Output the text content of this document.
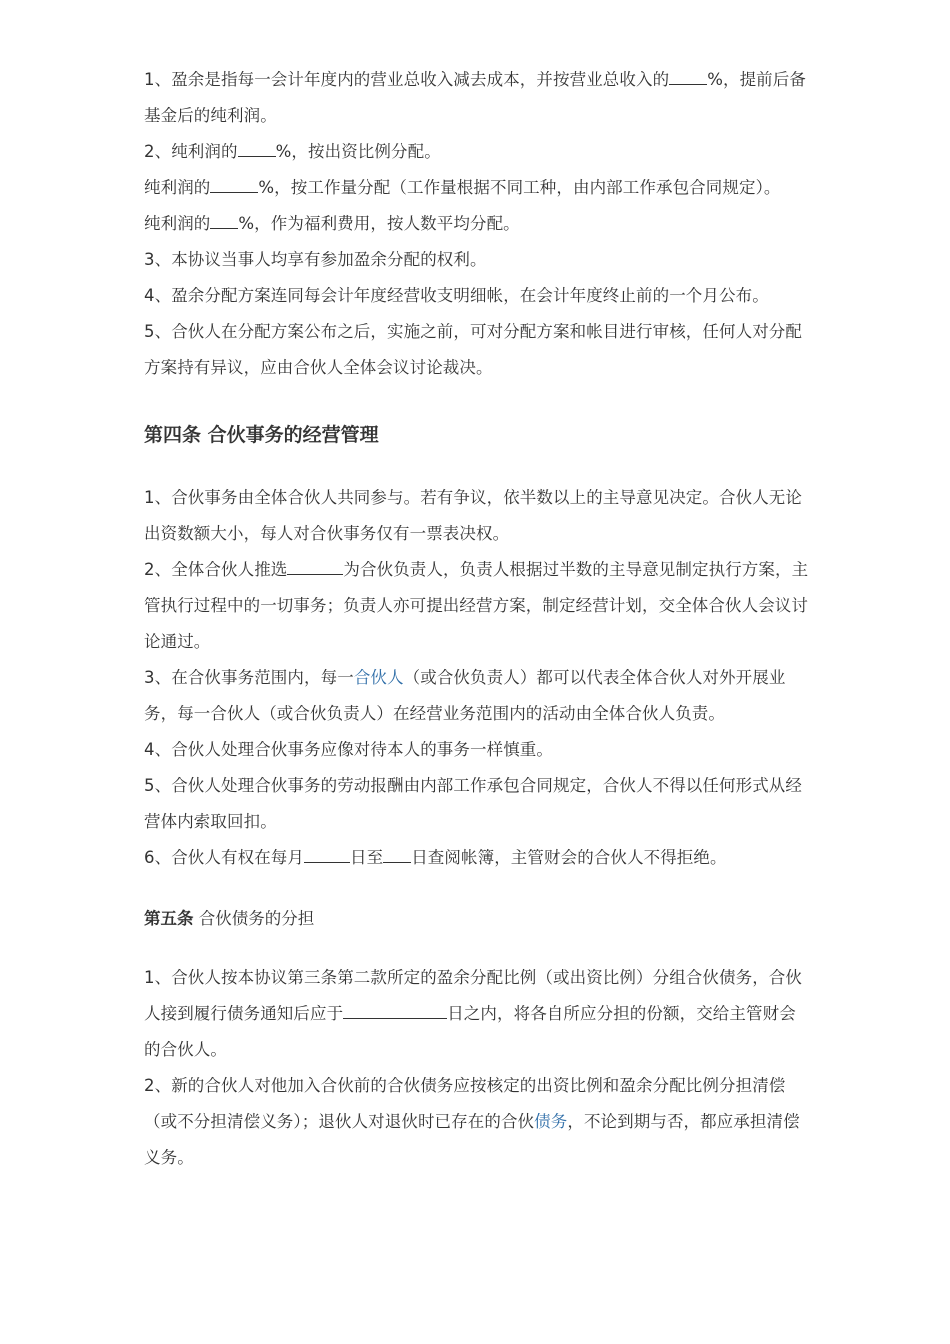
1、盈余是指每一会计年度内的营业总收入减去成本，并按营业总收入的 %，提前后备基金后的纯利润。

2、纯利润的 %，按出资比例分配。

纯利润的	%，按工作量分配（工作量根据不同工种，由内部工作承包合同规定）。

纯利润的 %，作为福利费用，按人数平均分配。

3、本协议当事人均享有参加盈余分配的权利。

4、盈余分配方案连同每会计年度经营收支明细帐，在会计年度终止前的一个月公布。

5、合伙人在分配方案公布之后，实施之前，可对分配方案和帐目进行审核，任何人对分配方案持有异议，应由合伙人全体会议讨论裁决。

第四条 合伙事务的经营管理

1、合伙事务由全体合伙人共同参与。若有争议，依半数以上的主导意见决定。合伙人无论出资数额大小，每人对合伙事务仅有一票表决权。

2、全体合伙人推选	为合伙负责人，负责人根据过半数的主导意见制定执行方案，主管执行过程中的一切事务；负责人亦可提出经营方案，制定经营计划，交全体合伙人会议讨论通过。

3、在合伙事务范围内，每一合伙人（或合伙负责人）都可以代表全体合伙人对外开展业务，每一合伙人（或合伙负责人）在经营业务范围内的活动由全体合伙人负责。

4、合伙人处理合伙事务应像对待本人的事务一样慎重。

5、合伙人处理合伙事务的劳动报酬由内部工作承包合同规定，合伙人不得以任何形式从经营体内索取回扣。

6、合伙人有权在每月	日至 日查阅帐簿，主管财会的合伙人不得拒绝。

第五条 合伙债务的分担

1、合伙人按本协议第三条第二款所定的盈余分配比例（或出资比例）分组合伙债务，合伙人接到履行债务通知后应于	日之内，将各自所应分担的份额，交给主管财会的合伙人。

2、新的合伙人对他加入合伙前的合伙债务应按核定的出资比例和盈余分配比例分担清偿（或不分担清偿义务）；退伙人对退伙时已存在的合伙债务，不论到期与否，都应承担清偿义务。
